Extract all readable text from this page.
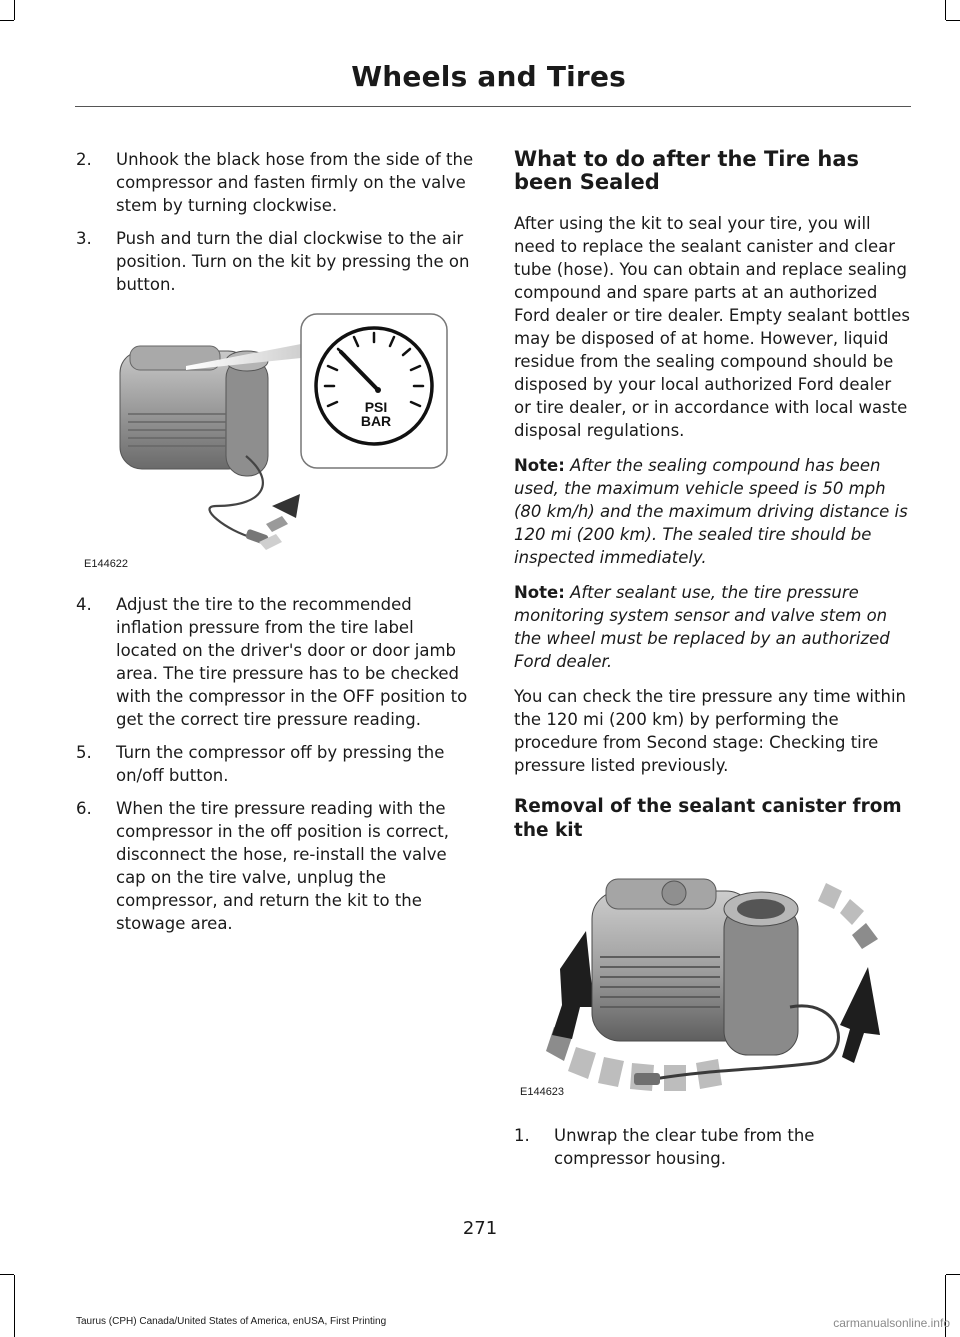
Wheels and Tires
2.	Unhook the black hose from the side of the compressor and fasten firmly on the valve stem by turning clockwise.
3.	Push and turn the dial clockwise to the air position. Turn on the kit by pressing the on button.
PSI
BAR
E144622
4.	Adjust the tire to the recommended inflation pressure from the tire label located on the driver's door or door jamb area. The tire pressure has to be checked with the compressor in the OFF position to get the correct tire pressure reading.
5.	Turn the compressor off by pressing the on/off button.
6.	When the tire pressure reading with the compressor in the off position is correct, disconnect the hose, re-install the valve cap on the tire valve, unplug the compressor, and return the kit to the stowage area.
What to do after the Tire has been Sealed

After using the kit to seal your tire, you will need to replace the sealant canister and clear tube (hose). You can obtain and replace sealing compound and spare parts at an authorized Ford dealer or tire dealer. Empty sealant bottles may be disposed of at home. However, liquid residue from the sealing compound should be disposed by your local authorized Ford dealer or tire dealer, or in accordance with local waste disposal regulations.

Note: After the sealing compound has been used, the maximum vehicle speed is 50 mph (80 km/h) and the maximum driving distance is 120 mi (200 km). The sealed tire should be inspected immediately.

Note: After sealant use, the tire pressure monitoring system sensor and valve stem on the wheel must be replaced by an authorized Ford dealer.

You can check the tire pressure any time within the 120 mi (200 km) by performing the procedure from Second stage: Checking tire pressure listed previously.

Removal of the sealant canister from the kit
E144623
1.	Unwrap the clear tube from the compressor housing.
271
Taurus (CPH) Canada/United States of America, enUSA, First Printing	carmanualsonline.info
